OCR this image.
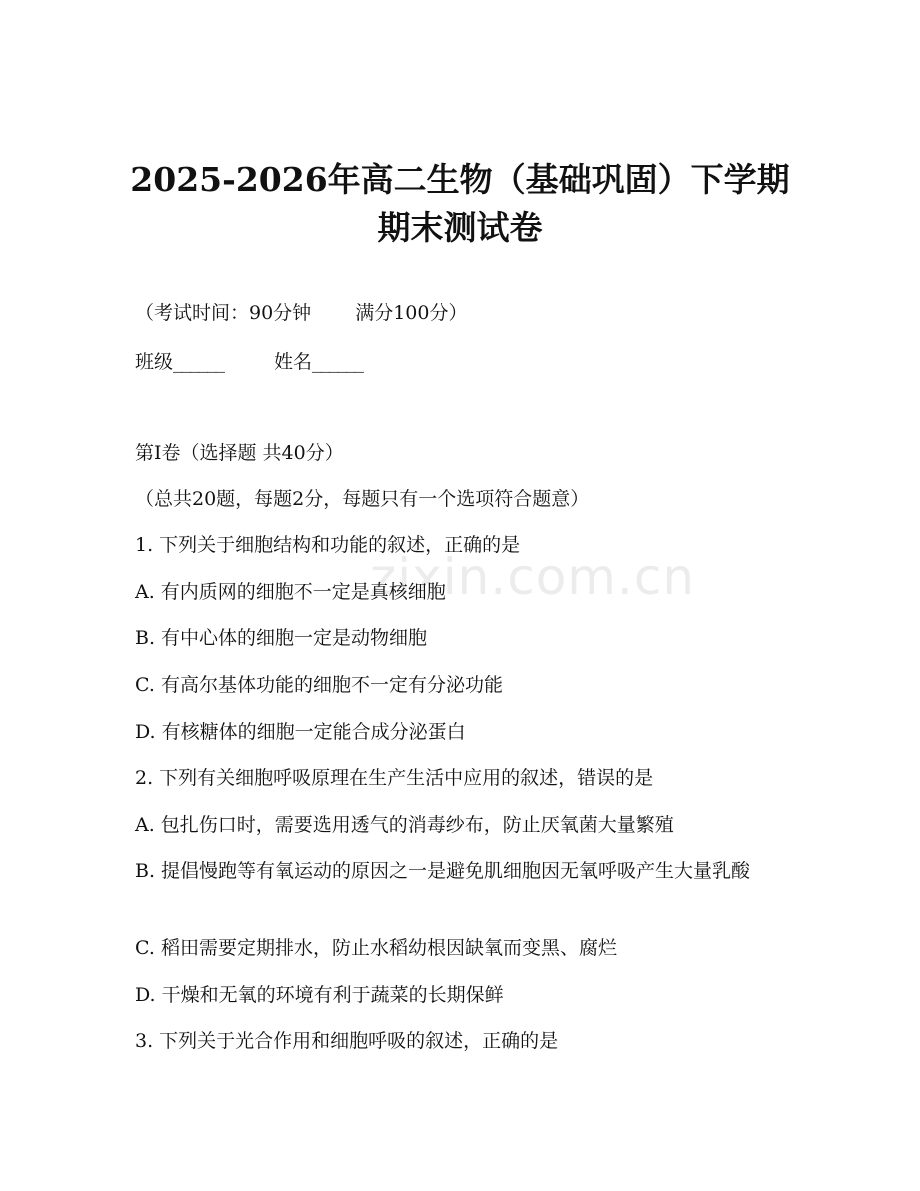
zixin.com.cn
2025-2026年高二生物（基础巩固）下学期
期末测试卷
（考试时间：90分钟 满分100分）
班级______	姓名______
第Ⅰ卷（选择题 共40分）
（总共20题，每题2分，每题只有一个选项符合题意）
1. 下列关于细胞结构和功能的叙述，正确的是
A. 有内质网的细胞不一定是真核细胞
B. 有中心体的细胞一定是动物细胞
C. 有高尔基体功能的细胞不一定有分泌功能
D. 有核糖体的细胞一定能合成分泌蛋白
2. 下列有关细胞呼吸原理在生产生活中应用的叙述，错误的是
A. 包扎伤口时，需要选用透气的消毒纱布，防止厌氧菌大量繁殖
B. 提倡慢跑等有氧运动的原因之一是避免肌细胞因无氧呼吸产生大量乳酸
C. 稻田需要定期排水，防止水稻幼根因缺氧而变黑、腐烂
D. 干燥和无氧的环境有利于蔬菜的长期保鲜
3. 下列关于光合作用和细胞呼吸的叙述，正确的是
